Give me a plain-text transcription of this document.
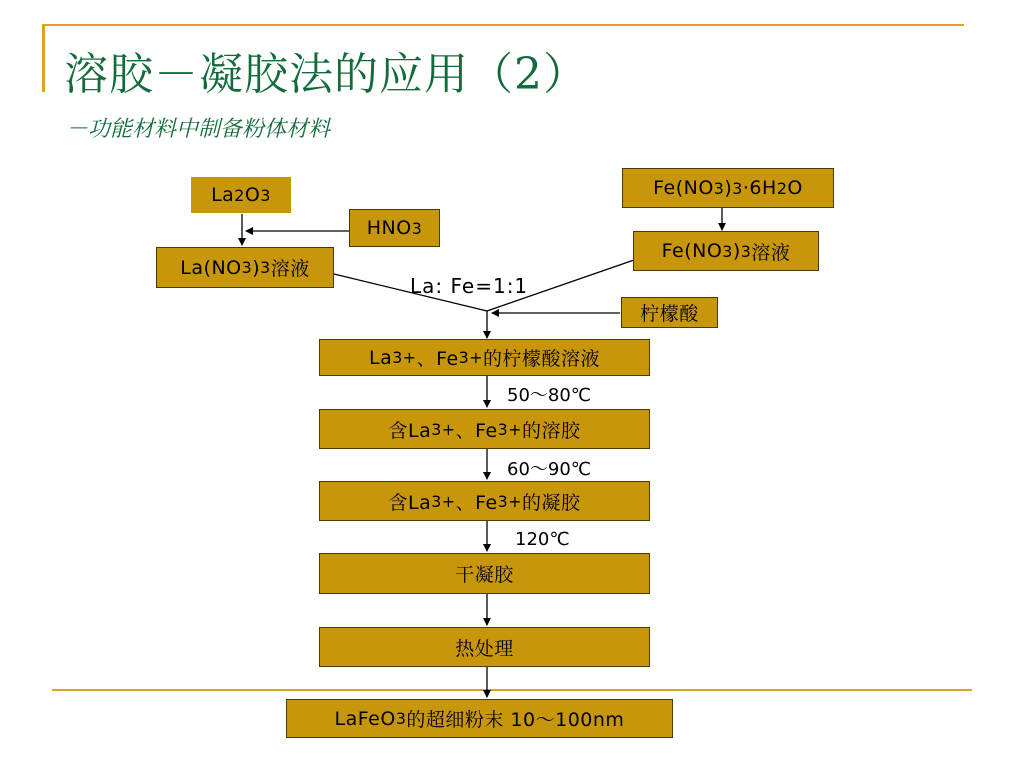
溶胶－凝胶法的应用（2）
－功能材料中制备粉体材料
La 2 O 3
HNO 3
La(NO 3 ) 3 溶液
Fe(NO 3 ) 3 · 6H 2 O
Fe(NO 3 ) 3 溶液
La: Fe=1:1
柠檬酸
La 3+ 、Fe 3+ 的柠檬酸溶液
50～80℃
含La 3+ 、Fe 3+ 的溶胶
60～90℃
含La 3+ 、Fe 3+ 的凝胶
120℃
干凝胶
热处理
LaFeO 3 的超细粉末 10～100nm
